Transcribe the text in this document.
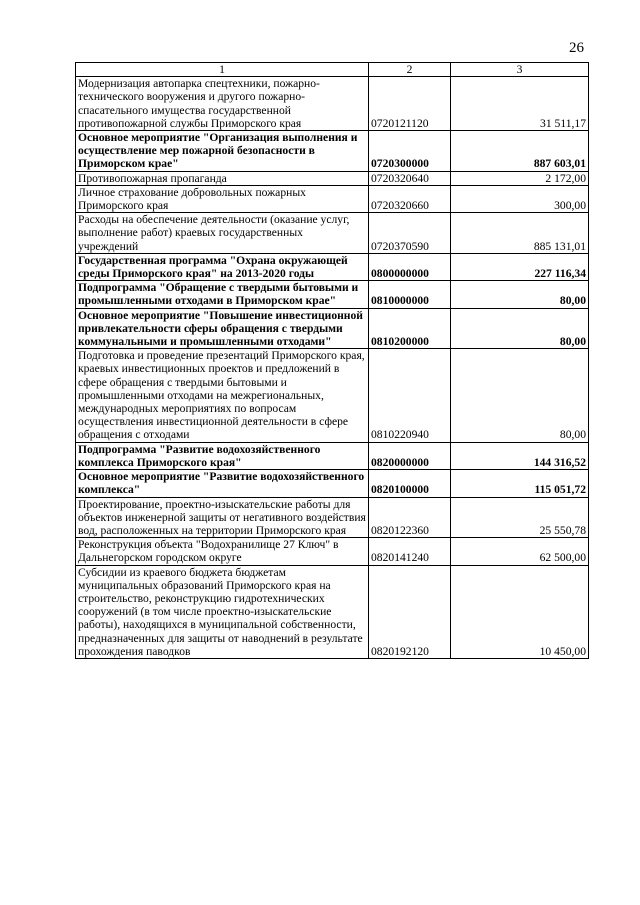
26
1	2	3
Модернизация автопарка спецтехники, пожарно-технического вооружения и другого пожарно-спасательного имущества государственной противопожарной службы Приморского края	0720121120	31 511,17
Основное мероприятие "Организация выполнения и осуществление мер пожарной безопасности в Приморском крае"	0720300000	887 603,01
Противопожарная пропаганда	0720320640	2 172,00
Личное страхование добровольных пожарных Приморского края	0720320660	300,00
Расходы на обеспечение деятельности (оказание услуг, выполнение работ) краевых государственных учреждений	0720370590	885 131,01
Государственная программа "Охрана окружающей среды Приморского края" на 2013-2020 годы	0800000000	227 116,34
Подпрограмма "Обращение с твердыми бытовыми и промышленными отходами в Приморском крае"	0810000000	80,00
Основное мероприятие "Повышение инвестиционной привлекательности сферы обращения с твердыми коммунальными и промышленными отходами"	0810200000	80,00
Подготовка и проведение презентаций Приморского края, краевых инвестиционных проектов и предложений в сфере обращения с твердыми бытовыми и промышленными отходами на межрегиональных, международных мероприятиях по вопросам осуществления инвестиционной деятельности в сфере обращения с отходами	0810220940	80,00
Подпрограмма "Развитие водохозяйственного комплекса Приморского края"	0820000000	144 316,52
Основное мероприятие "Развитие водохозяйственного комплекса"	0820100000	115 051,72
Проектирование, проектно-изыскательские работы для объектов инженерной защиты от негативного воздействия вод, расположенных на территории Приморского края	0820122360	25 550,78
Реконструкция объекта "Водохранилище 27 Ключ" в Дальнегорском городском округе	0820141240	62 500,00
Субсидии из краевого бюджета бюджетам муниципальных образований Приморского края на строительство, реконструкцию гидротехнических сооружений (в том числе проектно-изыскательские работы), находящихся в муниципальной собственности, предназначенных для защиты от наводнений в результате прохождения паводков	0820192120	10 450,00
